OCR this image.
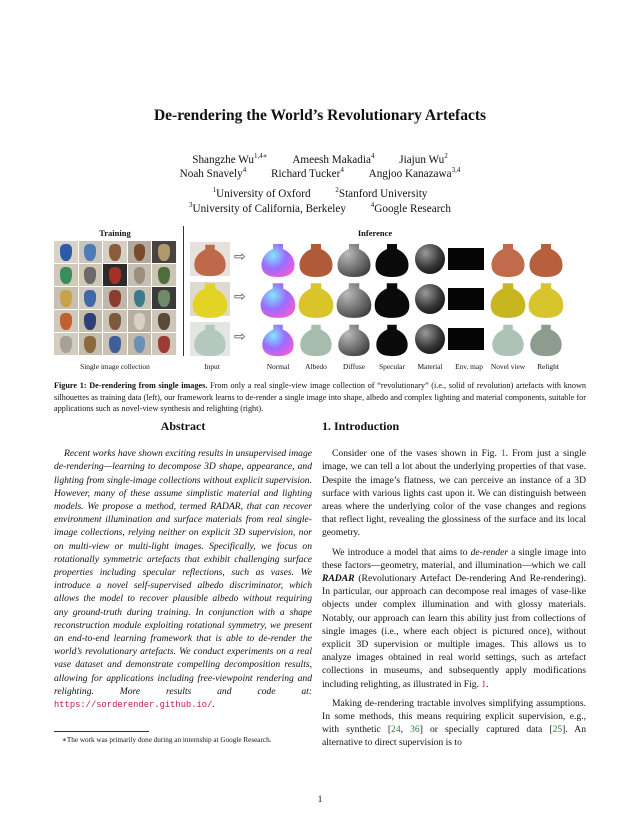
De-rendering the World’s Revolutionary Artefacts
Shangzhe $Wu^{1,4∗}$ Ameesh Makadia$^4$ Jiajun Wu$^2$
Noah Snavely$^4$ Richard Tucker$^4$ Angjoo Kanazawa$^{3,4}$
$^1$University of Oxford	$^2$Stanford University
$^3$University of California, Berkeley	$^4$Google Research
Training	Inference
Single image collection
⇨
⇨
⇨
Input	Normal	Albedo	Diffuse	Specular	Material	Env. map	Novel view	Relight
Figure 1: De-rendering from single images. From only a real single-view image collection of “revolutionary” (i.e., solid of revolution) artefacts with known silhouettes as training data (left), our framework learns to de-render a single image into shape, albedo and complex lighting and material components, suitable for applications such as novel-view synthesis and relighting (right).
Abstract

Recent works have shown exciting results in unsupervised image de-rendering—learning to decompose 3D shape, appearance, and lighting from single-image collections without explicit supervision. However, many of these assume simplistic material and lighting models. We propose a method, termed RADAR, that can recover environment illumination and surface materials from real single-image collections, relying neither on explicit 3D supervision, nor on multi-view or multi-light images. Specifically, we focus on rotationally symmetric artefacts that exhibit challenging surface properties including specular reflections, such as vases. We introduce a novel self-supervised albedo discriminator, which allows the model to recover plausible albedo without requiring any ground-truth during training. In conjunction with a shape reconstruction module exploiting rotational symmetry, we present an end-to-end learning framework that is able to de-render the world’s revolutionary artefacts. We conduct experiments on a real vase dataset and demonstrate compelling decomposition results, allowing for applications including free-viewpoint rendering and relighting. More results and code at: https://sorderender.github.io/.

1. Introduction

Consider one of the vases shown in Fig. 1. From just a single image, we can tell a lot about the underlying properties of that vase. Despite the image’s flatness, we can perceive an instance of a 3D surface with various lights cast upon it. We can distinguish between areas where the underlying color of the vase changes and regions that reflect light, revealing the glossiness of the surface and its local geometry.

We introduce a model that aims to de-render a single image into these factors—geometry, material, and illumination—which we call RADAR (Revolutionary Artefact De-rendering And Re-rendering). In particular, our approach can decompose real images of vase-like objects under complex illumination and with glossy materials. Notably, our approach can learn this ability just from collections of single images (i.e., where each object is pictured once), without explicit 3D supervision or multiple images. This allows us to analyze images obtained in real world settings, such as artefact collections in museums, and subsequently apply modifications including relighting, as illustrated in Fig. 1.

Making de-rendering tractable involves simplifying assumptions. In some methods, this means requiring explicit supervision, e.g., with synthetic [24, 36] or specially captured data [25]. An alternative to direct supervision is to

∗The work was primarily done during an internship at Google Research.
1
